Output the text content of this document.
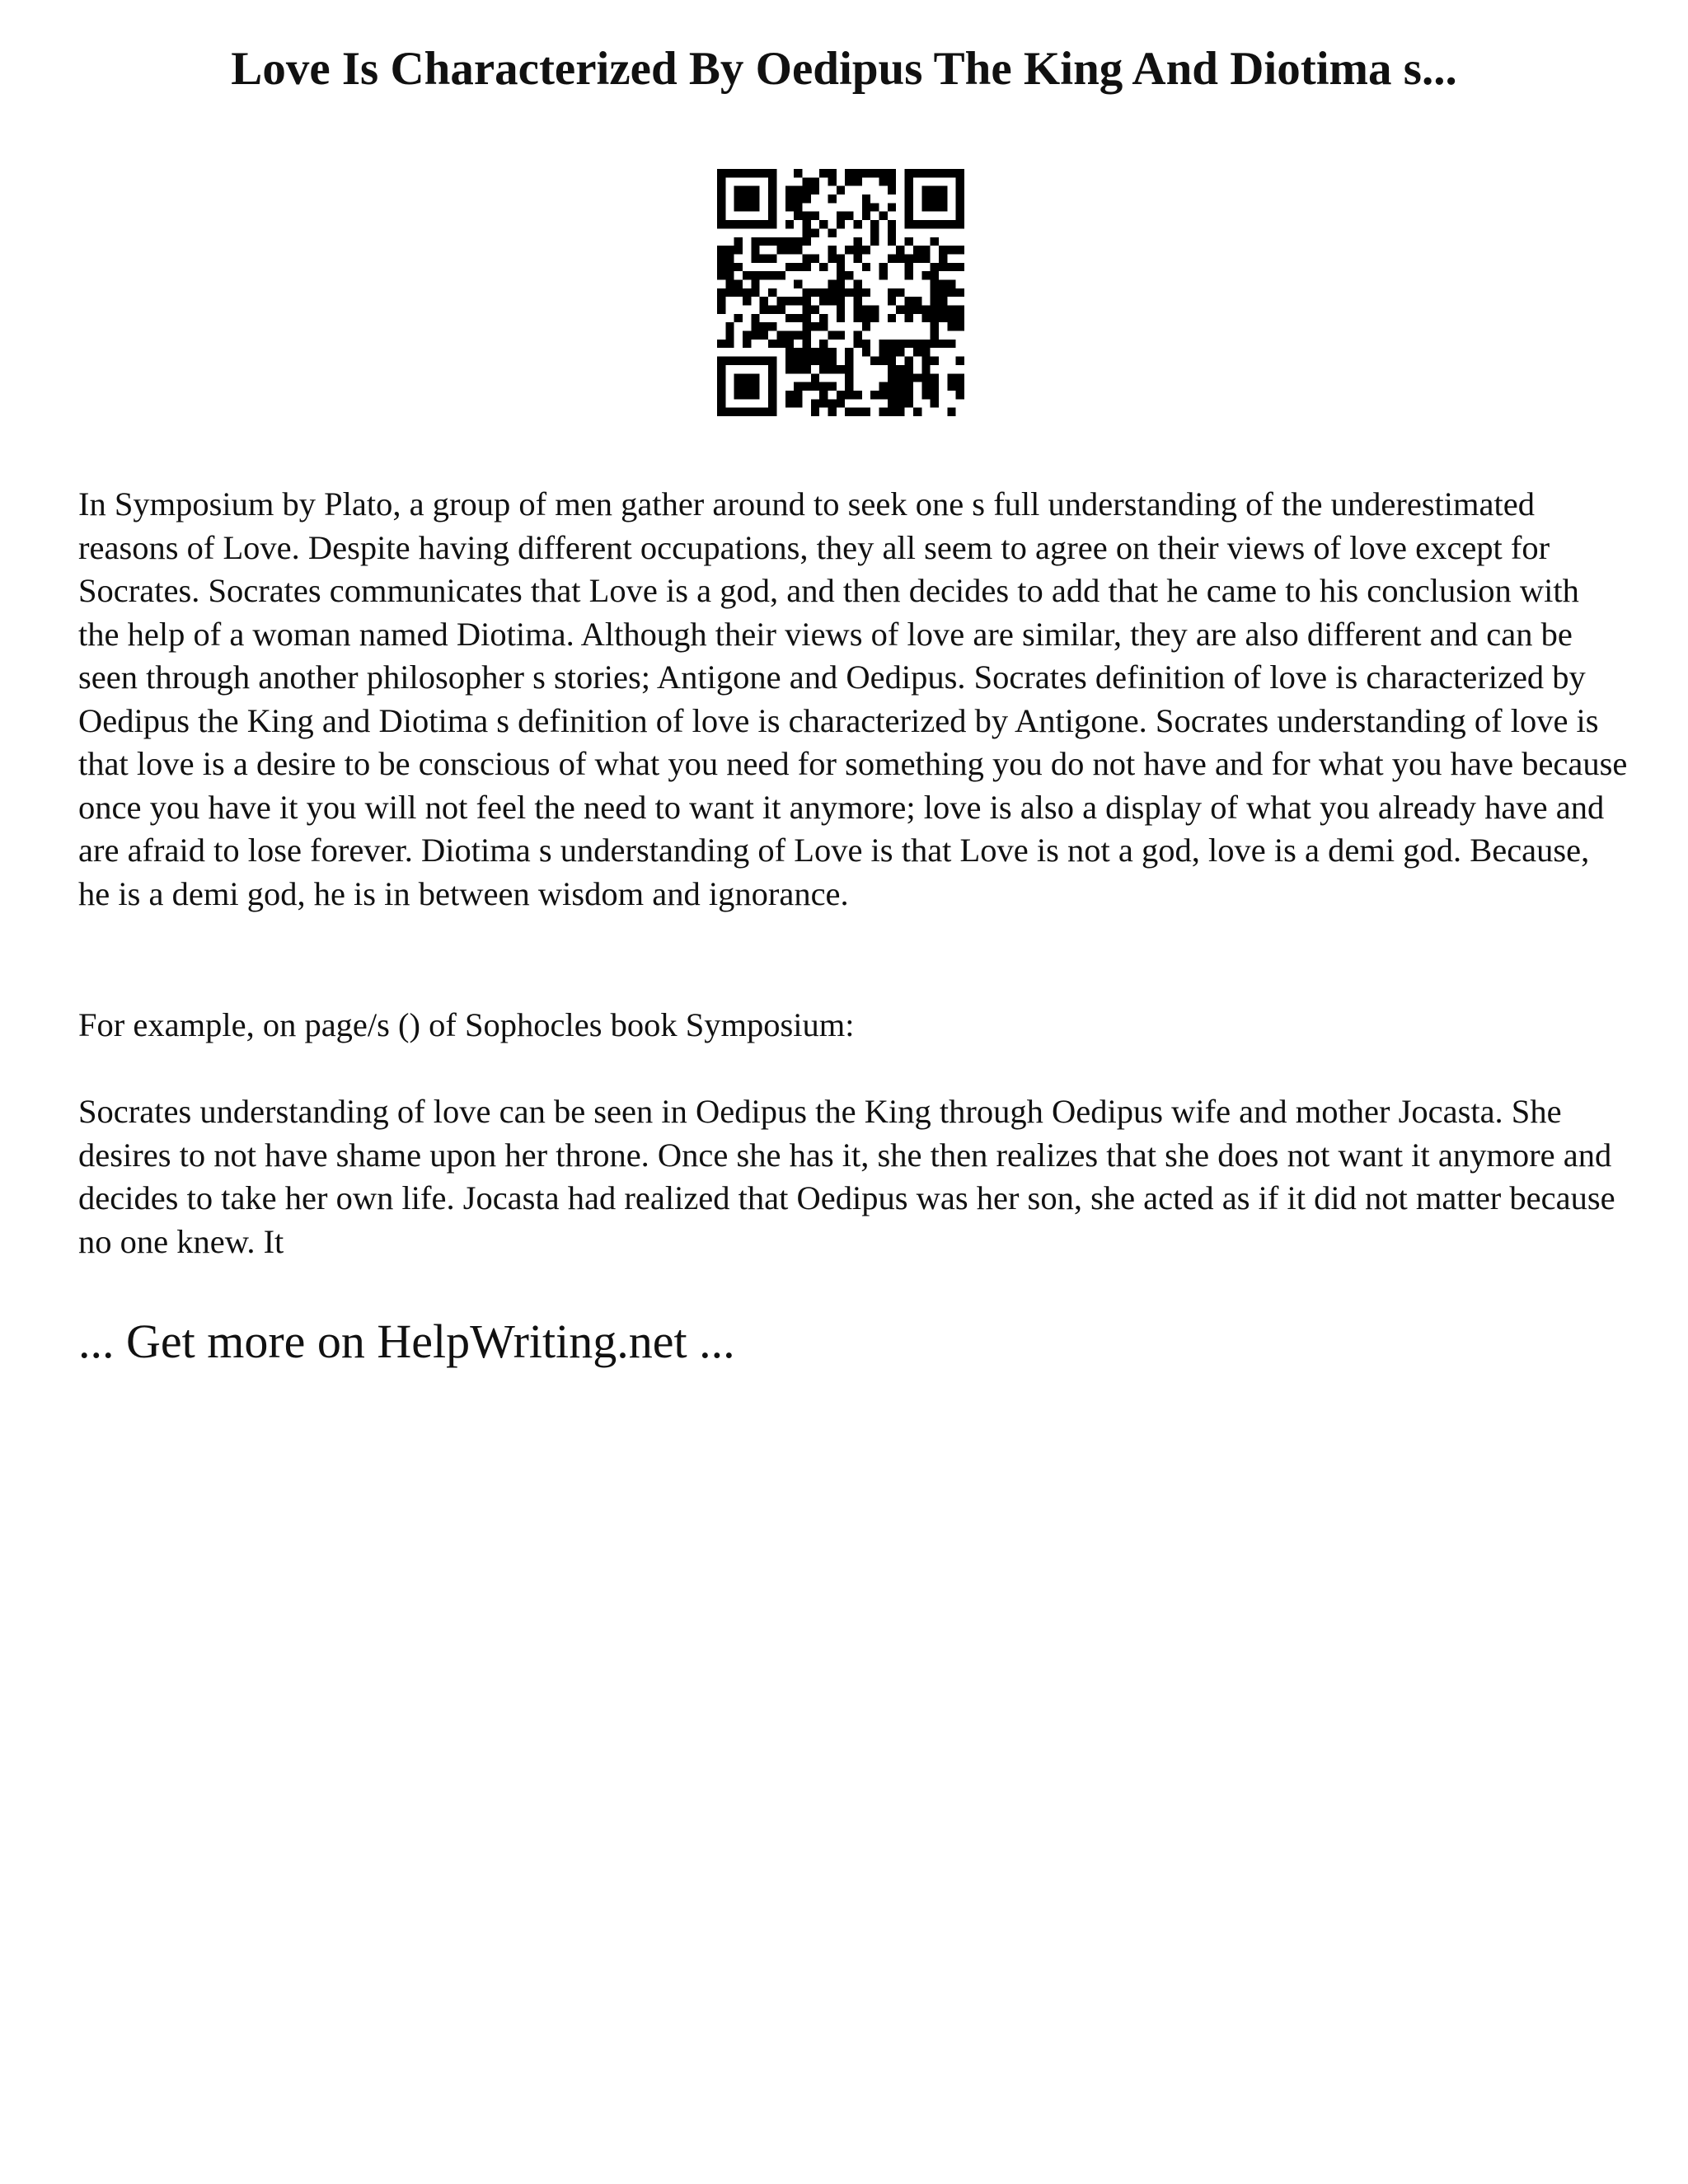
Love Is Characterized By Oedipus The King And Diotima s...

In Symposium by Plato, a group of men gather around to seek one s full understanding of the underestimated reasons of Love. Despite having different occupations, they all seem to agree on their views of love except for Socrates. Socrates communicates that Love is a god, and then decides to add that he came to his conclusion with the help of a woman named Diotima. Although their views of love are similar, they are also different and can be seen through another philosopher s stories; Antigone and Oedipus. Socrates definition of love is characterized by Oedipus the King and Diotima s definition of love is characterized by Antigone. Socrates understanding of love is that love is a desire to be conscious of what you need for something you do not have and for what you have because once you have it you will not feel the need to want it anymore; love is also a display of what you already have and are afraid to lose forever. Diotima s understanding of Love is that Love is not a god, love is a demi god. Because, he is a demi god, he is in between wisdom and ignorance.

For example, on page/s () of Sophocles book Symposium:

Socrates understanding of love can be seen in Oedipus the King through Oedipus wife and mother Jocasta. She desires to not have shame upon her throne. Once she has it, she then realizes that she does not want it anymore and decides to take her own life. Jocasta had realized that Oedipus was her son, she acted as if it did not matter because no one knew. It

... Get more on HelpWriting.net ...
